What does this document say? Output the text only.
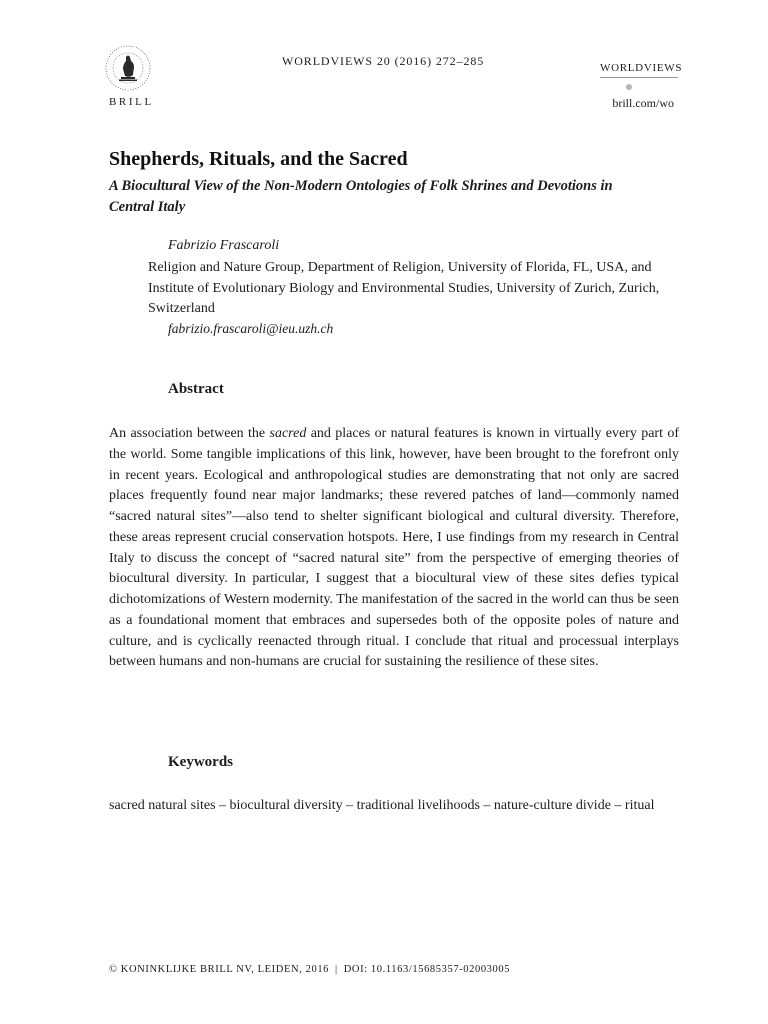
BRILL
WORLDVIEWS 20 (2016) 272–285	WORLDVIEWS
brill.com/wo
Shepherds, Rituals, and the Sacred
A Biocultural View of the Non-Modern Ontologies of Folk Shrines and Devotions in Central Italy
Fabrizio Frascaroli
Religion and Nature Group, Department of Religion, University of Florida, FL, USA, and Institute of Evolutionary Biology and Environmental Studies, University of Zurich, Zurich, Switzerland
fabrizio.frascaroli@ieu.uzh.ch
Abstract
An association between the sacred and places or natural features is known in virtually every part of the world. Some tangible implications of this link, however, have been brought to the forefront only in recent years. Ecological and anthropological studies are demonstrating that not only are sacred places frequently found near major landmarks; these revered patches of land—commonly named “sacred natural sites”—also tend to shelter significant biological and cultural diversity. Therefore, these areas represent crucial conservation hotspots. Here, I use findings from my research in Central Italy to discuss the concept of “sacred natural site” from the perspective of emerging theories of biocultural diversity. In particular, I suggest that a biocultural view of these sites defies typical dichotomizations of Western modernity. The manifestation of the sacred in the world can thus be seen as a foundational moment that embraces and supersedes both of the opposite poles of nature and culture, and is cyclically reenacted through ritual. I conclude that ritual and processual interplays between humans and non-humans are crucial for sustaining the resilience of these sites.
Keywords
sacred natural sites – biocultural diversity – traditional livelihoods – nature-culture divide – ritual
© KONINKLIJKE BRILL NV, LEIDEN, 2016 | DOI: 10.1163/15685357-02003005
